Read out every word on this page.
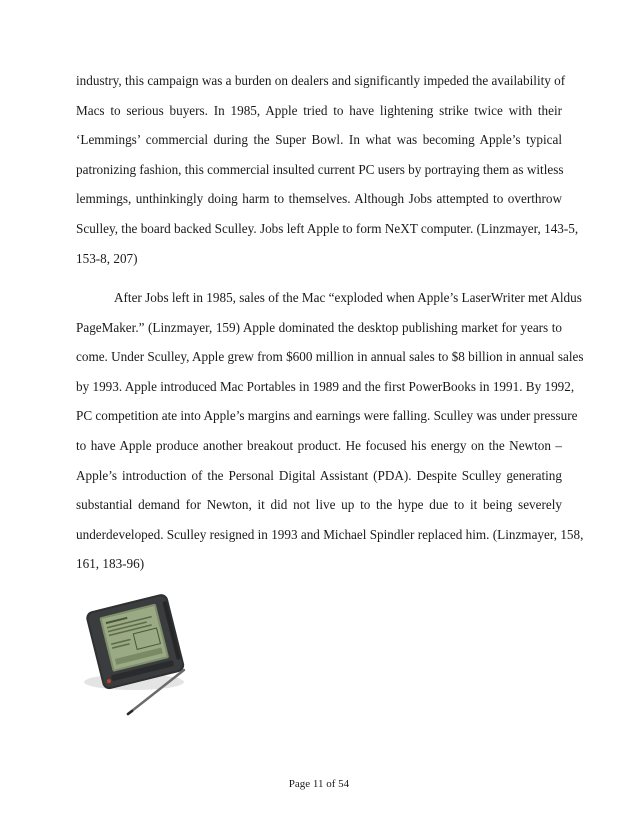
industry, this campaign was a burden on dealers and significantly impeded the availability of
Macs to serious buyers. In 1985, Apple tried to have lightening strike twice with their
‘Lemmings’ commercial during the Super Bowl. In what was becoming Apple’s typical
patronizing fashion, this commercial insulted current PC users by portraying them as witless
lemmings, unthinkingly doing harm to themselves. Although Jobs attempted to overthrow
Sculley, the board backed Sculley. Jobs left Apple to form NeXT computer. (Linzmayer, 143-5,
153-8, 207)
After Jobs left in 1985, sales of the Mac “exploded when Apple’s LaserWriter met Aldus
PageMaker.” (Linzmayer, 159) Apple dominated the desktop publishing market for years to
come. Under Sculley, Apple grew from $600 million in annual sales to $8 billion in annual sales
by 1993. Apple introduced Mac Portables in 1989 and the first PowerBooks in 1991. By 1992,
PC competition ate into Apple’s margins and earnings were falling. Sculley was under pressure
to have Apple produce another breakout product. He focused his energy on the Newton –
Apple’s introduction of the Personal Digital Assistant (PDA). Despite Sculley generating
substantial demand for Newton, it did not live up to the hype due to it being severely
underdeveloped. Sculley resigned in 1993 and Michael Spindler replaced him. (Linzmayer, 158,
161, 183-96)
Page 11 of 54
